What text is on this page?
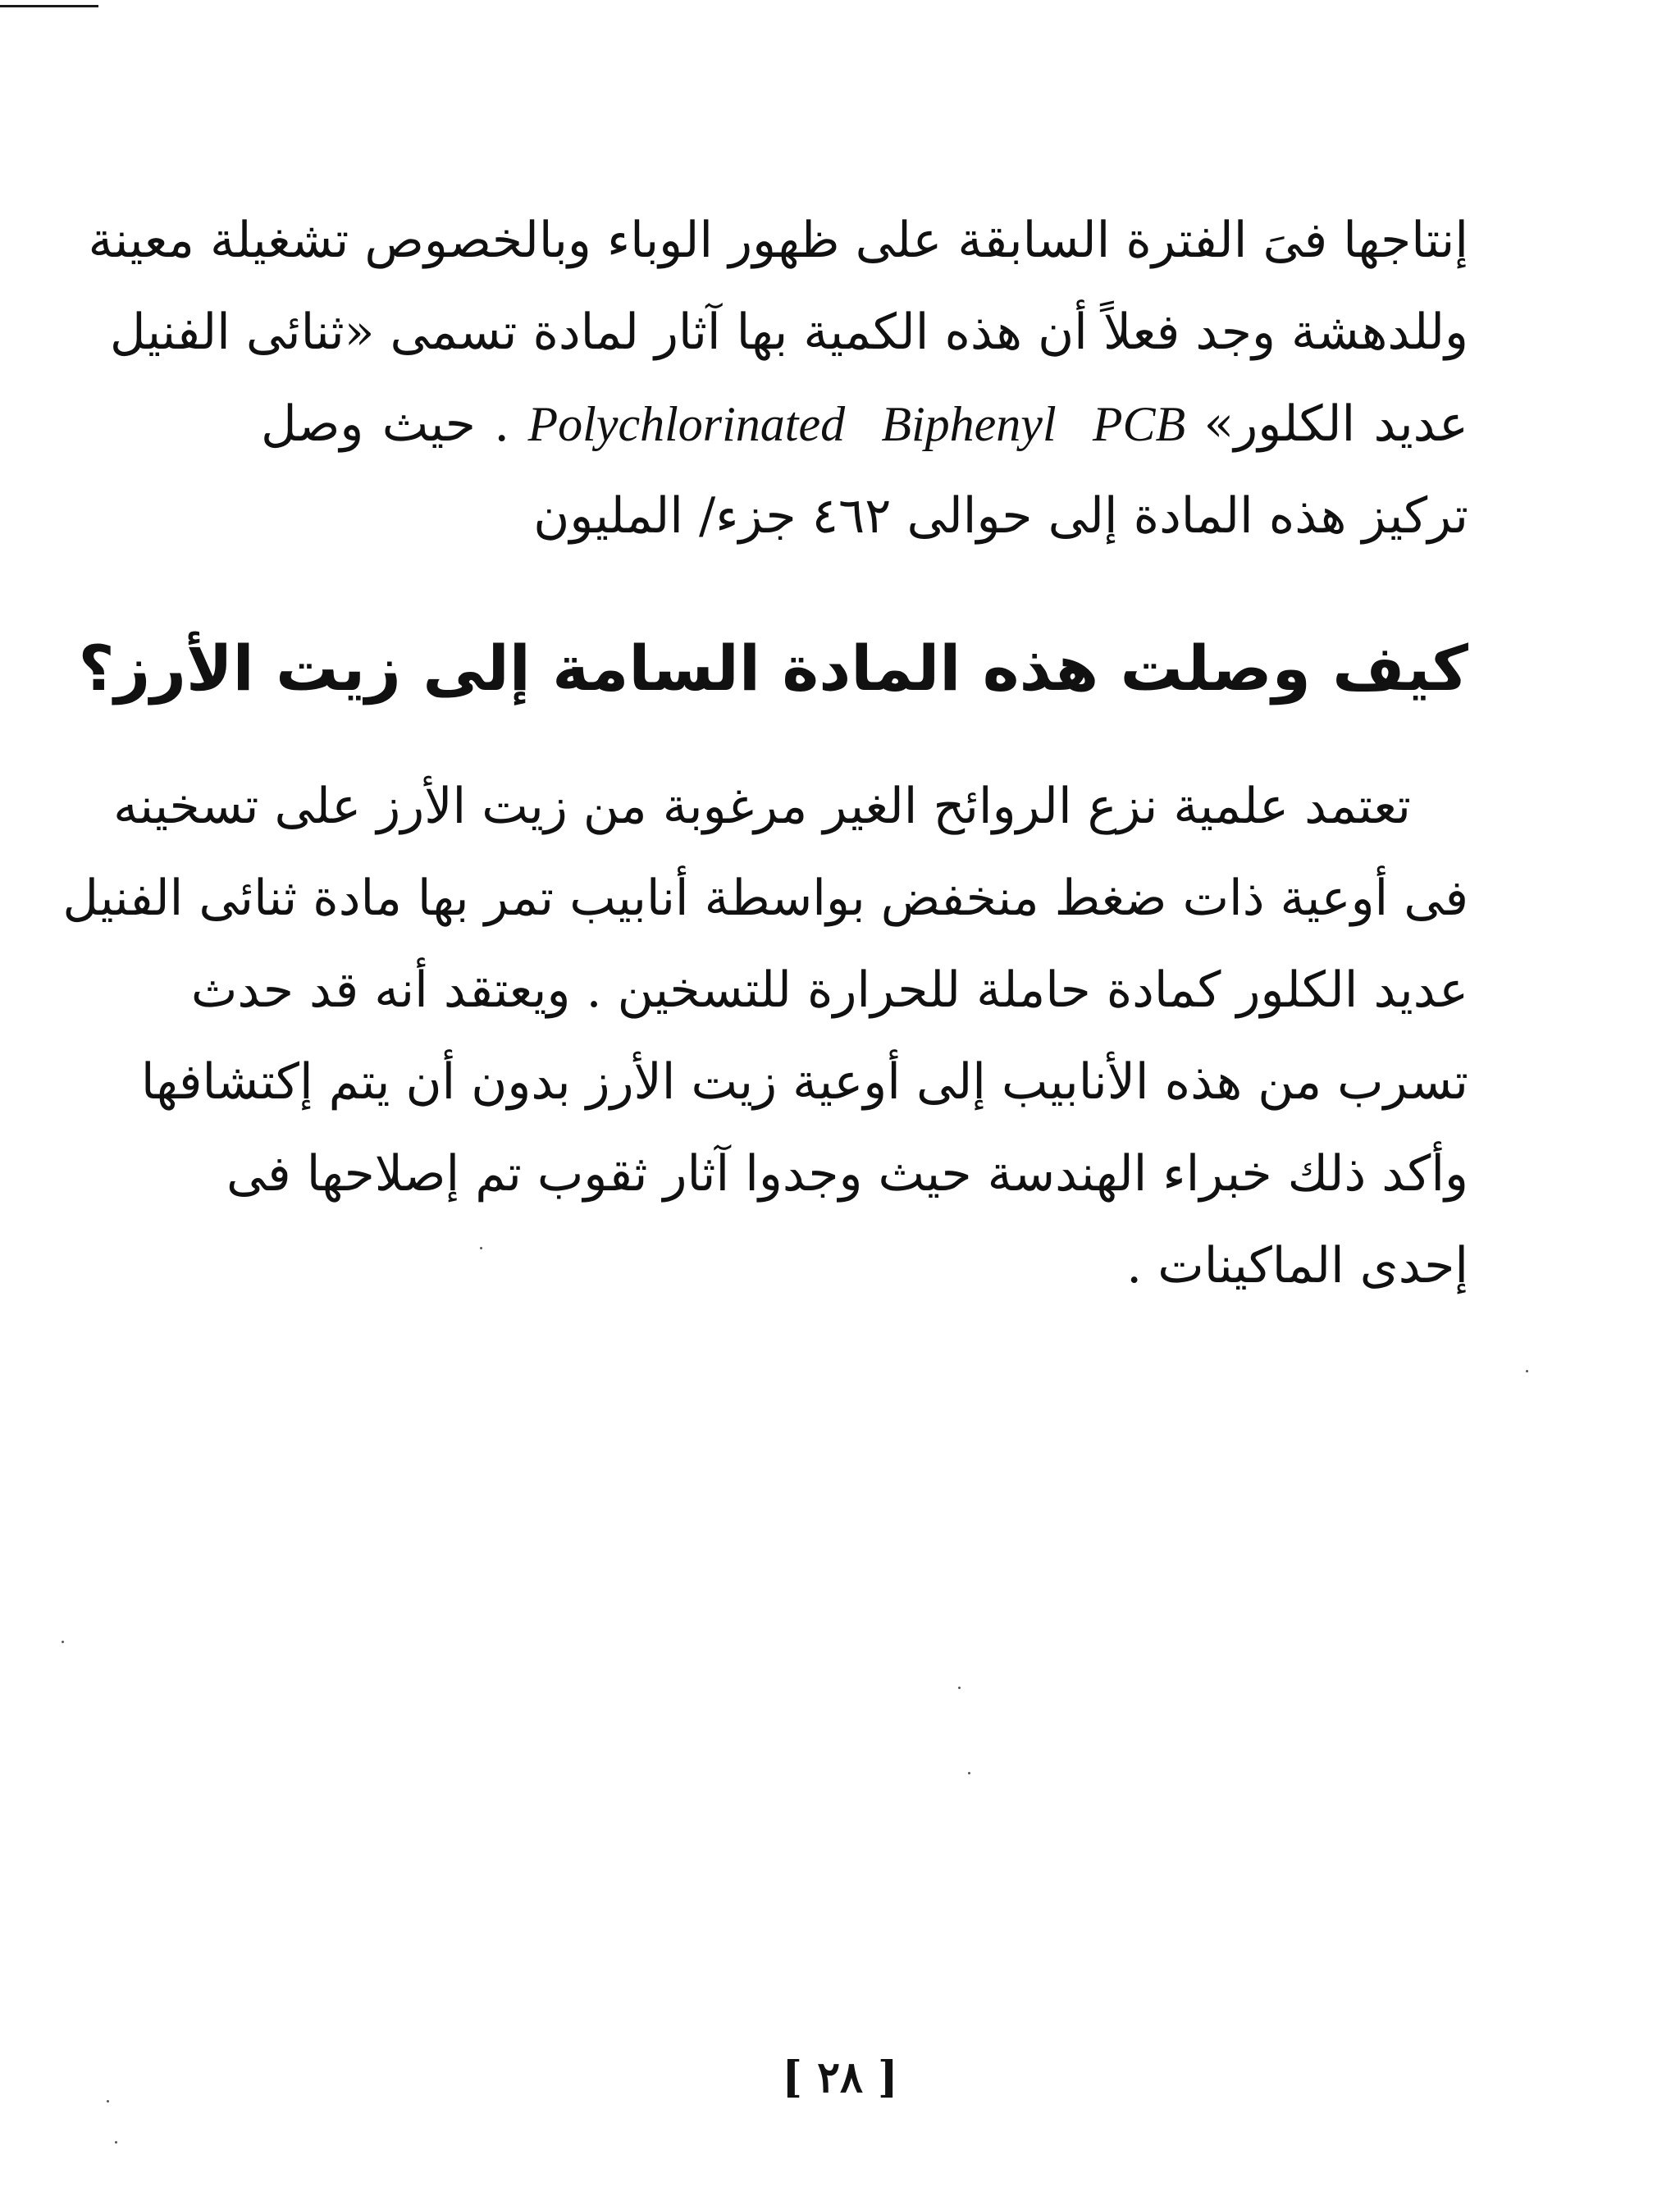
إنتاجها فىَ الفترة السابقة على ظهور الوباء وبالخصوص تشغيلة معينة
وللدهشة وجد فعلاً أن هذه الكمية بها آثار لمادة تسمى «ثنائى الفنيل
عديد الكلور» Polychlorinated Biphenyl PCB . حيث وصل
تركيز هذه المادة إلى حوالى ٤٦٢ جزء/ المليون
كيف وصلت هذه المادة السامة إلى زيت الأرز؟
تعتمد علمية نزع الروائح الغير مرغوبة من زيت الأرز على تسخينه
فى أوعية ذات ضغط منخفض بواسطة أنابيب تمر بها مادة ثنائى الفنيل
عديد الكلور كمادة حاملة للحرارة للتسخين . ويعتقد أنه قد حدث
تسرب من هذه الأنابيب إلى أوعية زيت الأرز بدون أن يتم إكتشافها
وأكد ذلك خبراء الهندسة حيث وجدوا آثار ثقوب تم إصلاحها فى
إحدى الماكينات .
[ ٢٨ ]
